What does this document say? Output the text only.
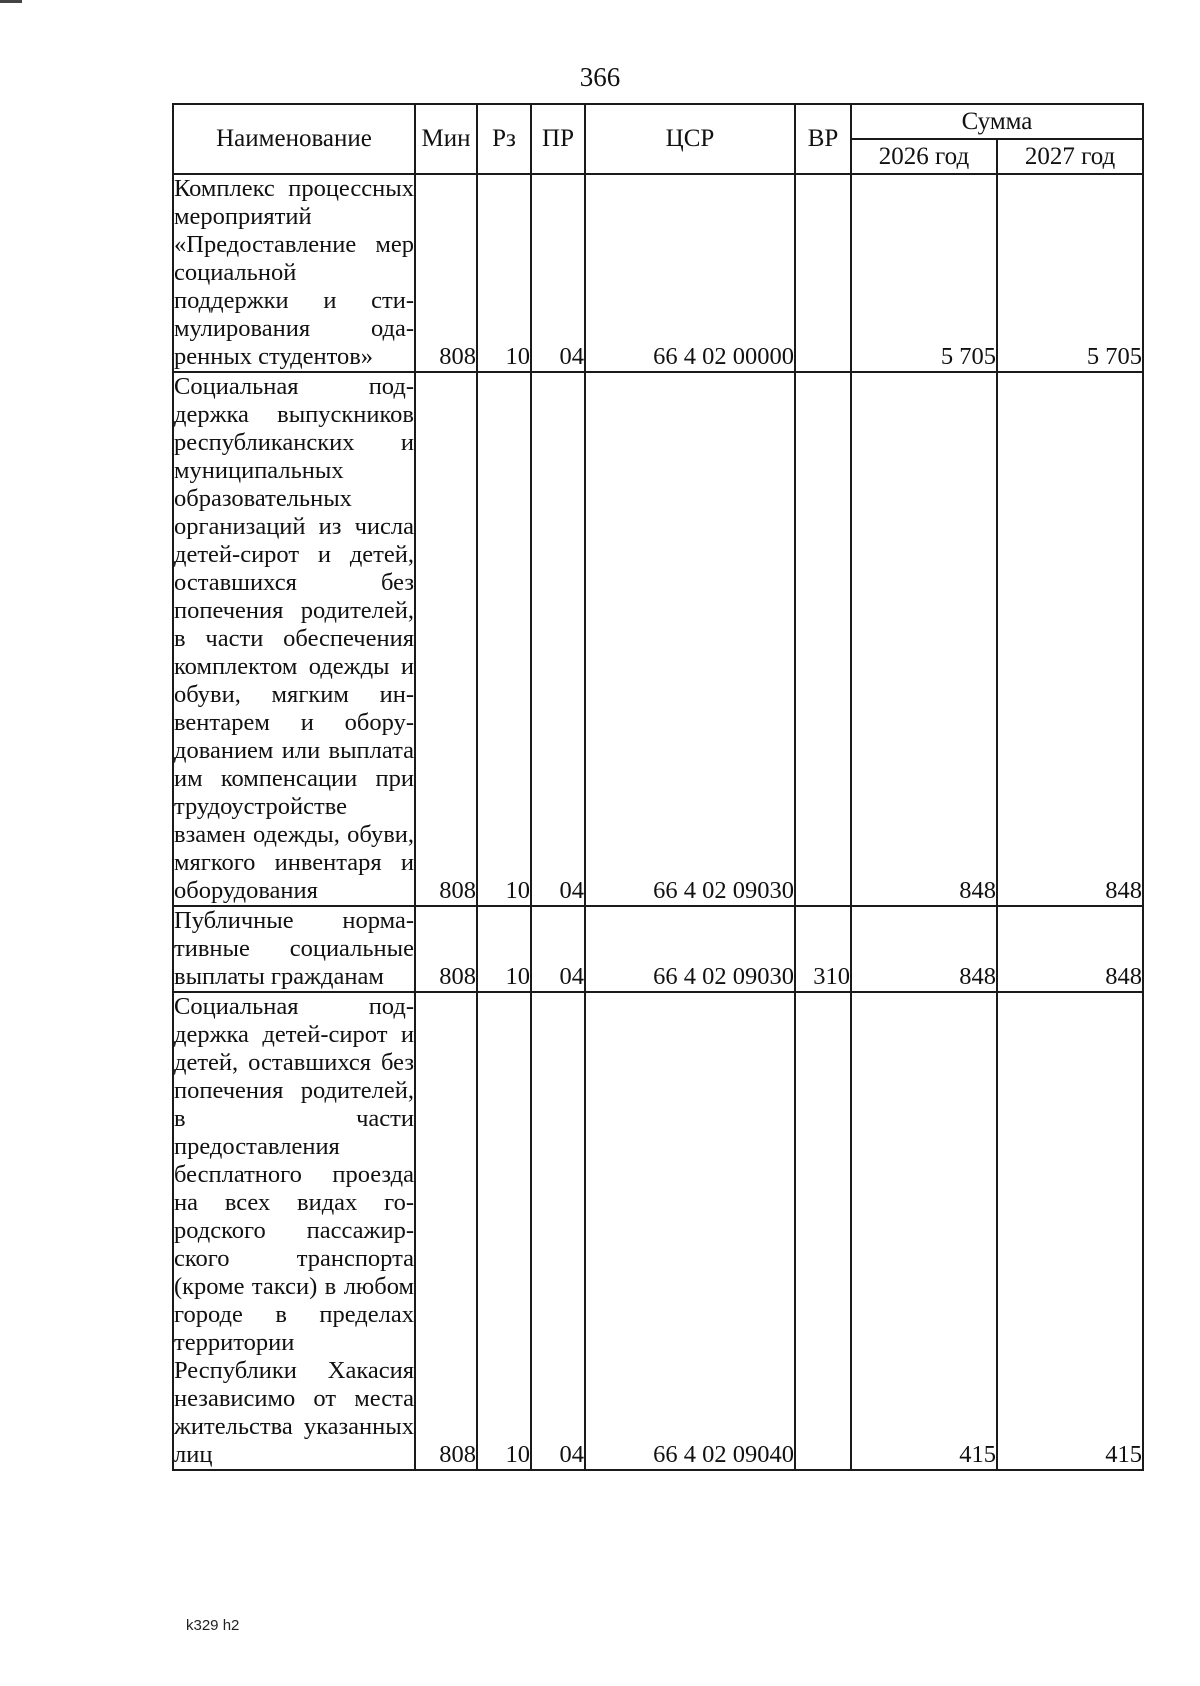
366
Наименование	Мин	Рз	ПР	ЦСР	ВР	Сумма	
						2026 год	2027 год
Комплекс процессных мероприятий «Предоставление мер социальной поддержки и стимулирования одаренных студентов»	808	10	04	66 4 02 00000		5 705	5 705
Социальная поддержка выпускников республиканских и муниципальных образовательных организаций из числа детей-сирот и детей, оставшихся без попечения родителей, в части обеспечения комплектом одежды и обуви, мягким инвентарем и оборудованием или выплата им компенсации при трудоустройстве взамен одежды, обуви, мягкого инвентаря и оборудования	808	10	04	66 4 02 09030		848	848
Публичные нормативные социальные выплаты гражданам	808	10	04	66 4 02 09030	310	848	848
Социальная поддержка детей-сирот и детей, оставшихся без попечения родителей, в части предоставления бесплатного проезда на всех видах городского пассажирского транспорта (кроме такси) в любом городе в пределах территории Республики Хакасия независимо от места жительства указанных лиц	808	10	04	66 4 02 09040		415	415
k329 h2
